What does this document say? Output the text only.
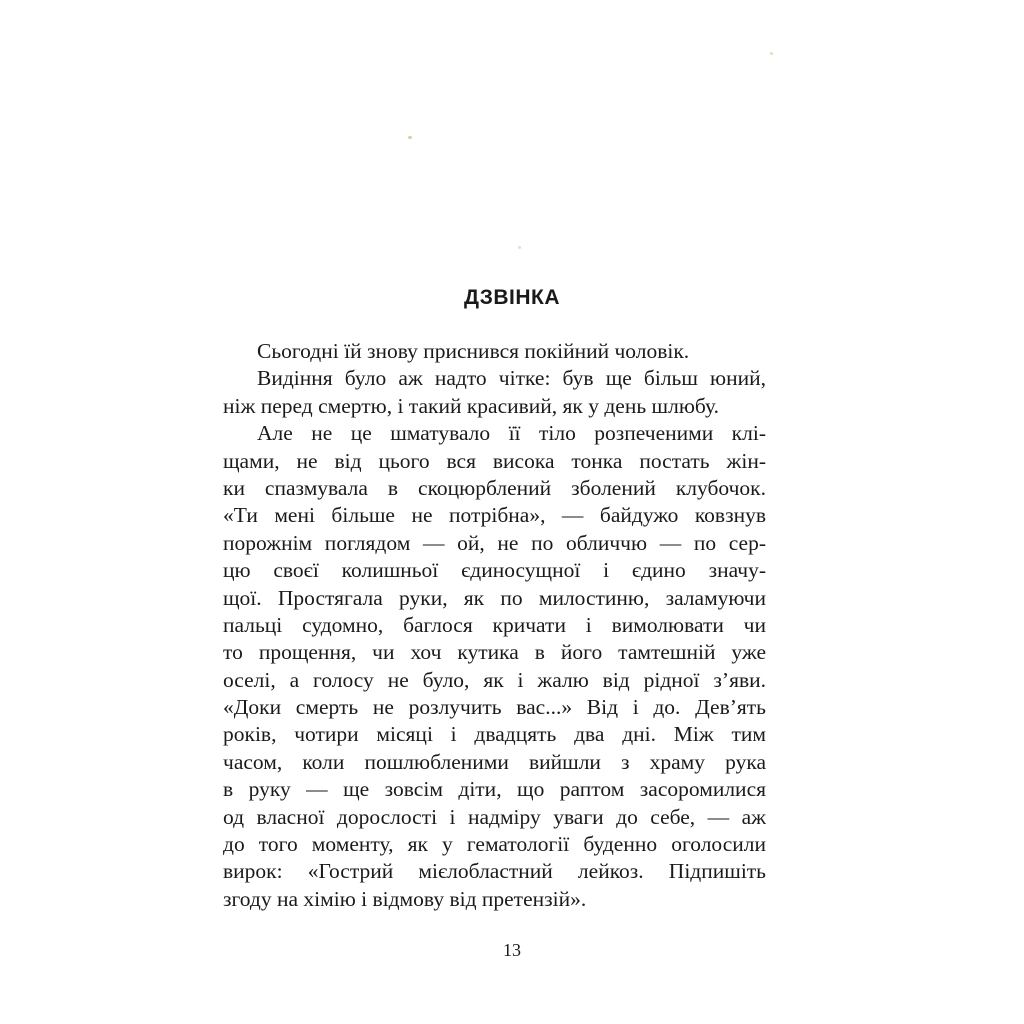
ДЗВІНКА
Сьогодні їй знову приснився покійний чоловік.
Видіння було аж надто чітке: був ще більш юний,
ніж перед смертю, і такий красивий, як у день шлюбу.
Але не це шматувало її тіло розпеченими клі-
щами, не від цього вся висока тонка постать жін-
ки спазмувала в скоцюрблений зболений клубочок.
«Ти мені більше не потрібна», — байдужо ковзнув
порожнім поглядом — ой, не по обличчю — по сер-
цю своєї колишньої єдиносущної і єдино значу-
щої. Простягала руки, як по милостиню, заламуючи
пальці судомно, баглося кричати і вимолювати чи
то прощення, чи хоч кутика в його тамтешній уже
оселі, а голосу не було, як і жалю від рідної з’яви.
«Доки смерть не розлучить вас...» Від і до. Дев’ять
років, чотири місяці і двадцять два дні. Між тим
часом, коли пошлюбленими вийшли з храму рука
в руку — ще зовсім діти, що раптом засоромилися
од власної дорослості і надміру уваги до себе, — аж
до того моменту, як у гематології буденно оголосили
вирок: «Гострий мієлобластний лейкоз. Підпишіть
згоду на хімію і відмову від претензій».
13
